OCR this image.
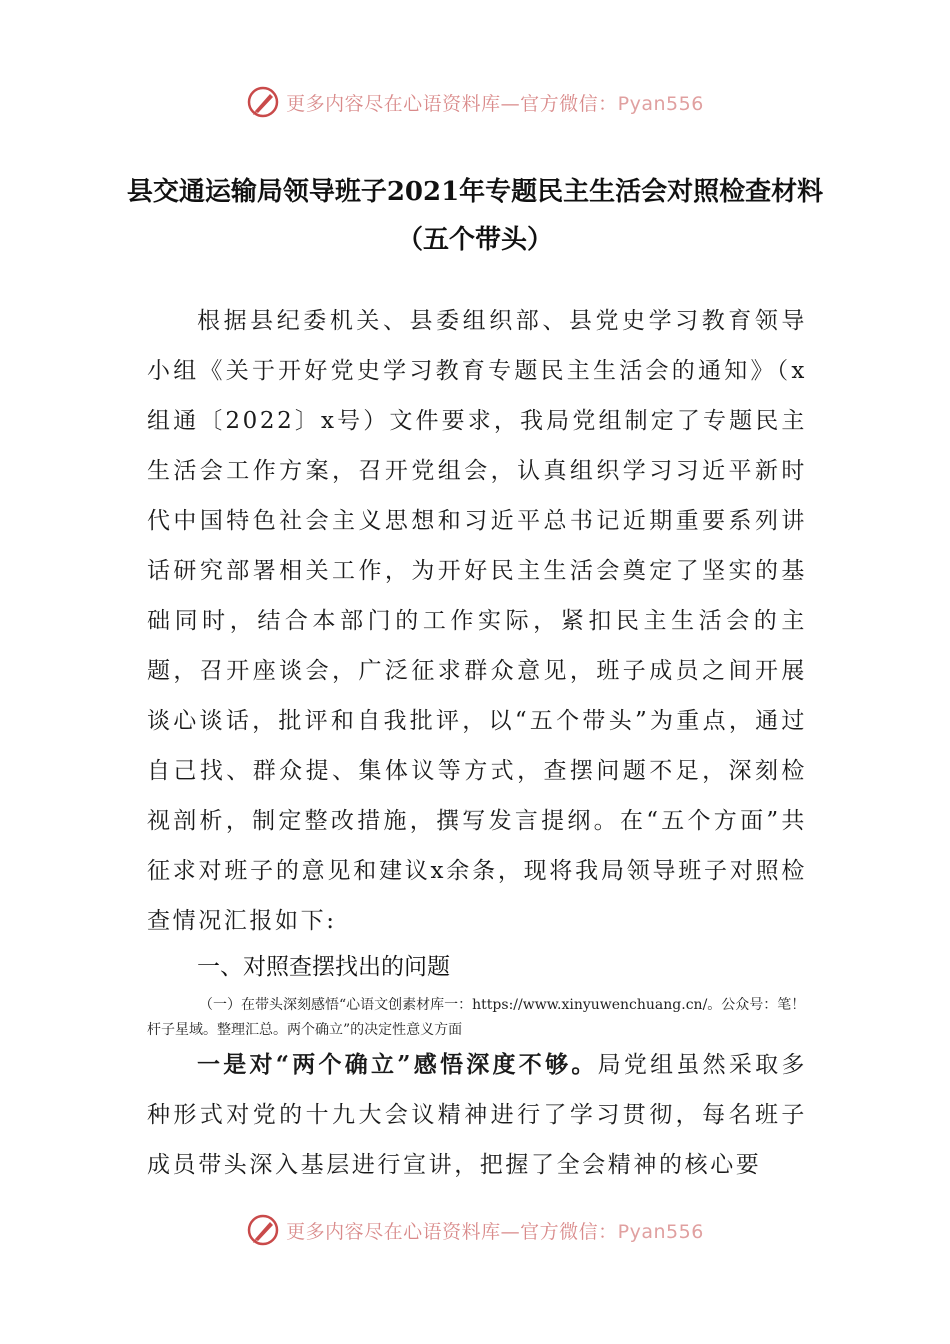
更多内容尽在心语资料库—官方微信：Pyan556
县交通运输局领导班子2021年专题民主生活会对照检查材料（五个带头）

根据县纪委机关、县委组织部、县党史学习教育领导小组《关于开好党史学习教育专题民主生活会的通知》（x组通〔2022〕x号）文件要求，我局党组制定了专题民主生活会工作方案，召开党组会，认真组织学习习近平新时代中国特色社会主义思想和习近平总书记近期重要系列讲话研究部署相关工作，为开好民主生活会奠定了坚实的基础同时，结合本部门的工作实际，紧扣民主生活会的主题，召开座谈会，广泛征求群众意见，班子成员之间开展谈心谈话，批评和自我批评，以“五个带头”为重点，通过自己找、群众提、集体议等方式，查摆问题不足，深刻检视剖析，制定整改措施，撰写发言提纲。在“五个方面”共征求对班子的意见和建议x余条，现将我局领导班子对照检查情况汇报如下:

一、对照查摆找出的问题

（一）在带头深刻感悟“心语文创素材库一：https://www.xinyuwenchuang.cn/。公众号：笔！杆子星域。整理汇总。两个确立”的决定性意义方面

一是对“两个确立”感悟深度不够。局党组虽然采取多种形式对党的十九大会议精神进行了学习贯彻，每名班子成员带头深入基层进行宣讲，把握了全会精神的核心要

更多内容尽在心语资料库—官方微信：Pyan556
